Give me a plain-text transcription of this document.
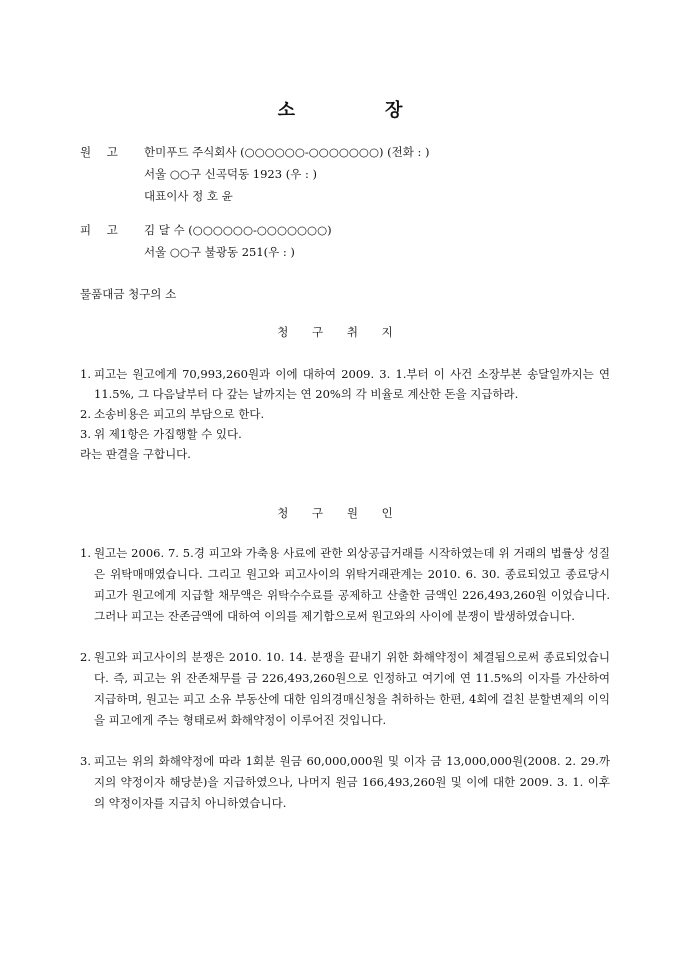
소	장
원 고	한미푸드 주식회사 (○○○○○○-○○○○○○○) (전화 : )
서울 ○○구 신곡덕동 1923 (우 : )
대표이사 정 호 윤
피 고	김 달 수 (○○○○○○-○○○○○○○)
서울 ○○구 불광동 251(우 : )
물품대금 청구의 소
청 구 취 지
1. 피고는 원고에게 70,993,260원과 이에 대하여 2009. 3. 1.부터 이 사건 소장부본 송달일까지는 연 11.5%, 그 다음날부터 다 갚는 날까지는 연 20%의 각 비율로 계산한 돈을 지급하라.

2. 소송비용은 피고의 부담으로 한다.

3. 위 제1항은 가집행할 수 있다.

라는 판결을 구합니다.
청 구 원 인
1. 원고는 2006. 7. 5.경 피고와 가축용 사료에 관한 외상공급거래를 시작하였는데 위 거래의 법률상 성질은 위탁매매였습니다. 그리고 원고와 피고사이의 위탁거래관계는 2010. 6. 30. 종료되었고 종료당시 피고가 원고에게 지급할 채무액은 위탁수수료를 공제하고 산출한 금액인 226,493,260원 이었습니다. 그러나 피고는 잔존금액에 대하여 이의를 제기함으로써 원고와의 사이에 분쟁이 발생하였습니다.

2. 원고와 피고사이의 분쟁은 2010. 10. 14. 분쟁을 끝내기 위한 화해약정이 체결됨으로써 종료되었습니다. 즉, 피고는 위 잔존채무를 금 226,493,260원으로 인정하고 여기에 연 11.5%의 이자를 가산하여 지급하며, 원고는 피고 소유 부동산에 대한 임의경매신청을 취하하는 한편, 4회에 걸친 분할변제의 이익을 피고에게 주는 형태로써 화해약정이 이루어진 것입니다.

3. 피고는 위의 화해약정에 따라 1회분 원금 60,000,000원 및 이자 금 13,000,000원(2008. 2. 29.까지의 약정이자 해당분)을 지급하였으나, 나머지 원금 166,493,260원 및 이에 대한 2009. 3. 1. 이후의 약정이자를 지급치 아니하였습니다.
